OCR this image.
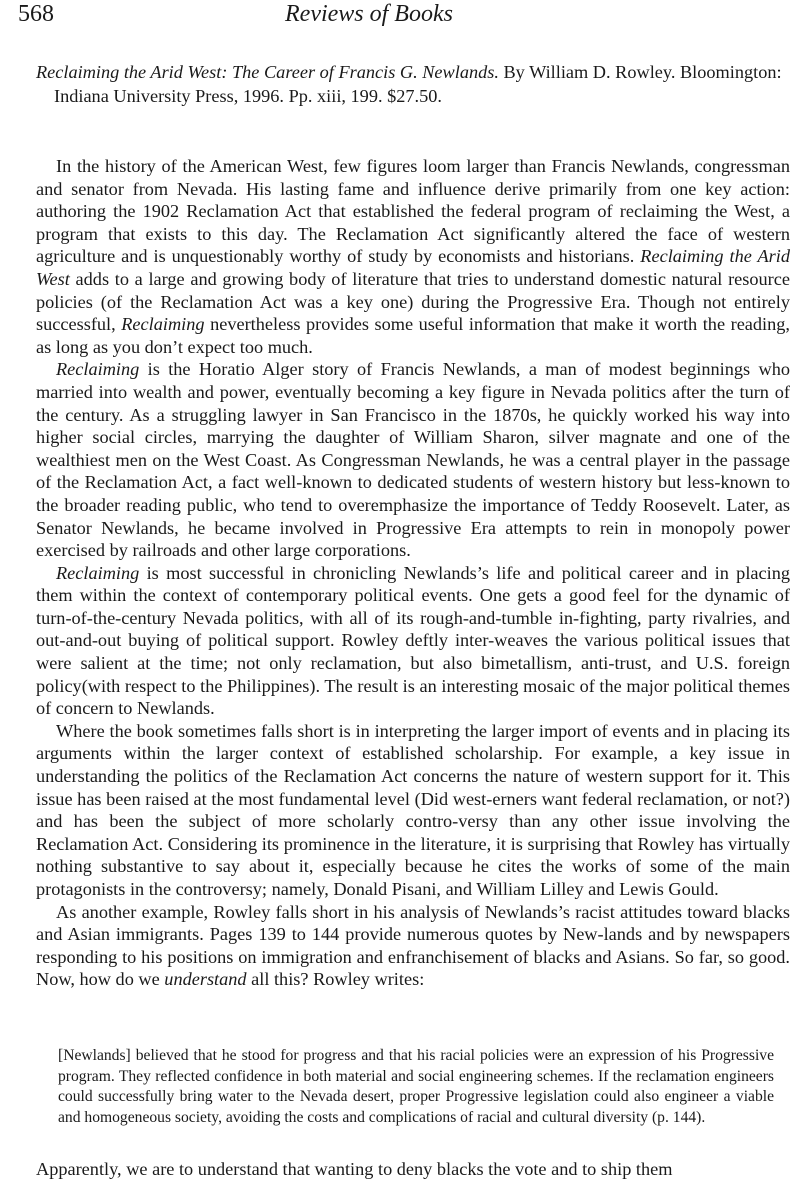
568	Reviews of Books

Reclaiming the Arid West: The Career of Francis G. Newlands. By William D. Rowley. Bloomington: Indiana University Press, 1996. Pp. xiii, 199. $27.50.

In the history of the American West, few figures loom larger than Francis Newlands, congressman and senator from Nevada. His lasting fame and influence derive primarily from one key action: authoring the 1902 Reclamation Act that established the federal program of reclaiming the West, a program that exists to this day. The Reclamation Act significantly altered the face of western agriculture and is unquestionably worthy of study by economists and historians. Reclaiming the Arid West adds to a large and growing body of literature that tries to understand domestic natural resource policies (of the Reclamation Act was a key one) during the Progressive Era. Though not entirely successful, Reclaiming nevertheless provides some useful information that make it worth the reading, as long as you don’t expect too much.

Reclaiming is the Horatio Alger story of Francis Newlands, a man of modest beginnings who married into wealth and power, eventually becoming a key figure in Nevada politics after the turn of the century. As a struggling lawyer in San Francisco in the 1870s, he quickly worked his way into higher social circles, marrying the daughter of William Sharon, silver magnate and one of the wealthiest men on the West Coast. As Congressman Newlands, he was a central player in the passage of the Reclamation Act, a fact well-known to dedicated students of western history but less-known to the broader reading public, who tend to overemphasize the importance of Teddy Roosevelt. Later, as Senator Newlands, he became involved in Progressive Era attempts to rein in monopoly power exercised by railroads and other large corporations.

Reclaiming is most successful in chronicling Newlands’s life and political career and in placing them within the context of contemporary political events. One gets a good feel for the dynamic of turn-of-the-century Nevada politics, with all of its rough-and-tumble in-fighting, party rivalries, and out-and-out buying of political support. Rowley deftly inter-weaves the various political issues that were salient at the time; not only reclamation, but also bimetallism, anti-trust, and U.S. foreign policy(with respect to the Philippines). The result is an interesting mosaic of the major political themes of concern to Newlands.

Where the book sometimes falls short is in interpreting the larger import of events and in placing its arguments within the larger context of established scholarship. For example, a key issue in understanding the politics of the Reclamation Act concerns the nature of western support for it. This issue has been raised at the most fundamental level (Did west-erners want federal reclamation, or not?) and has been the subject of more scholarly contro-versy than any other issue involving the Reclamation Act. Considering its prominence in the literature, it is surprising that Rowley has virtually nothing substantive to say about it, especially because he cites the works of some of the main protagonists in the controversy; namely, Donald Pisani, and William Lilley and Lewis Gould.

As another example, Rowley falls short in his analysis of Newlands’s racist attitudes toward blacks and Asian immigrants. Pages 139 to 144 provide numerous quotes by New-lands and by newspapers responding to his positions on immigration and enfranchisement of blacks and Asians. So far, so good. Now, how do we understand all this? Rowley writes:

[Newlands] believed that he stood for progress and that his racial policies were an expression of his Progressive program. They reflected confidence in both material and social engineering schemes. If the reclamation engineers could successfully bring water to the Nevada desert, proper Progressive legislation could also engineer a viable and homogeneous society, avoiding the costs and complications of racial and cultural diversity (p. 144).

Apparently, we are to understand that wanting to deny blacks the vote and to ship them
